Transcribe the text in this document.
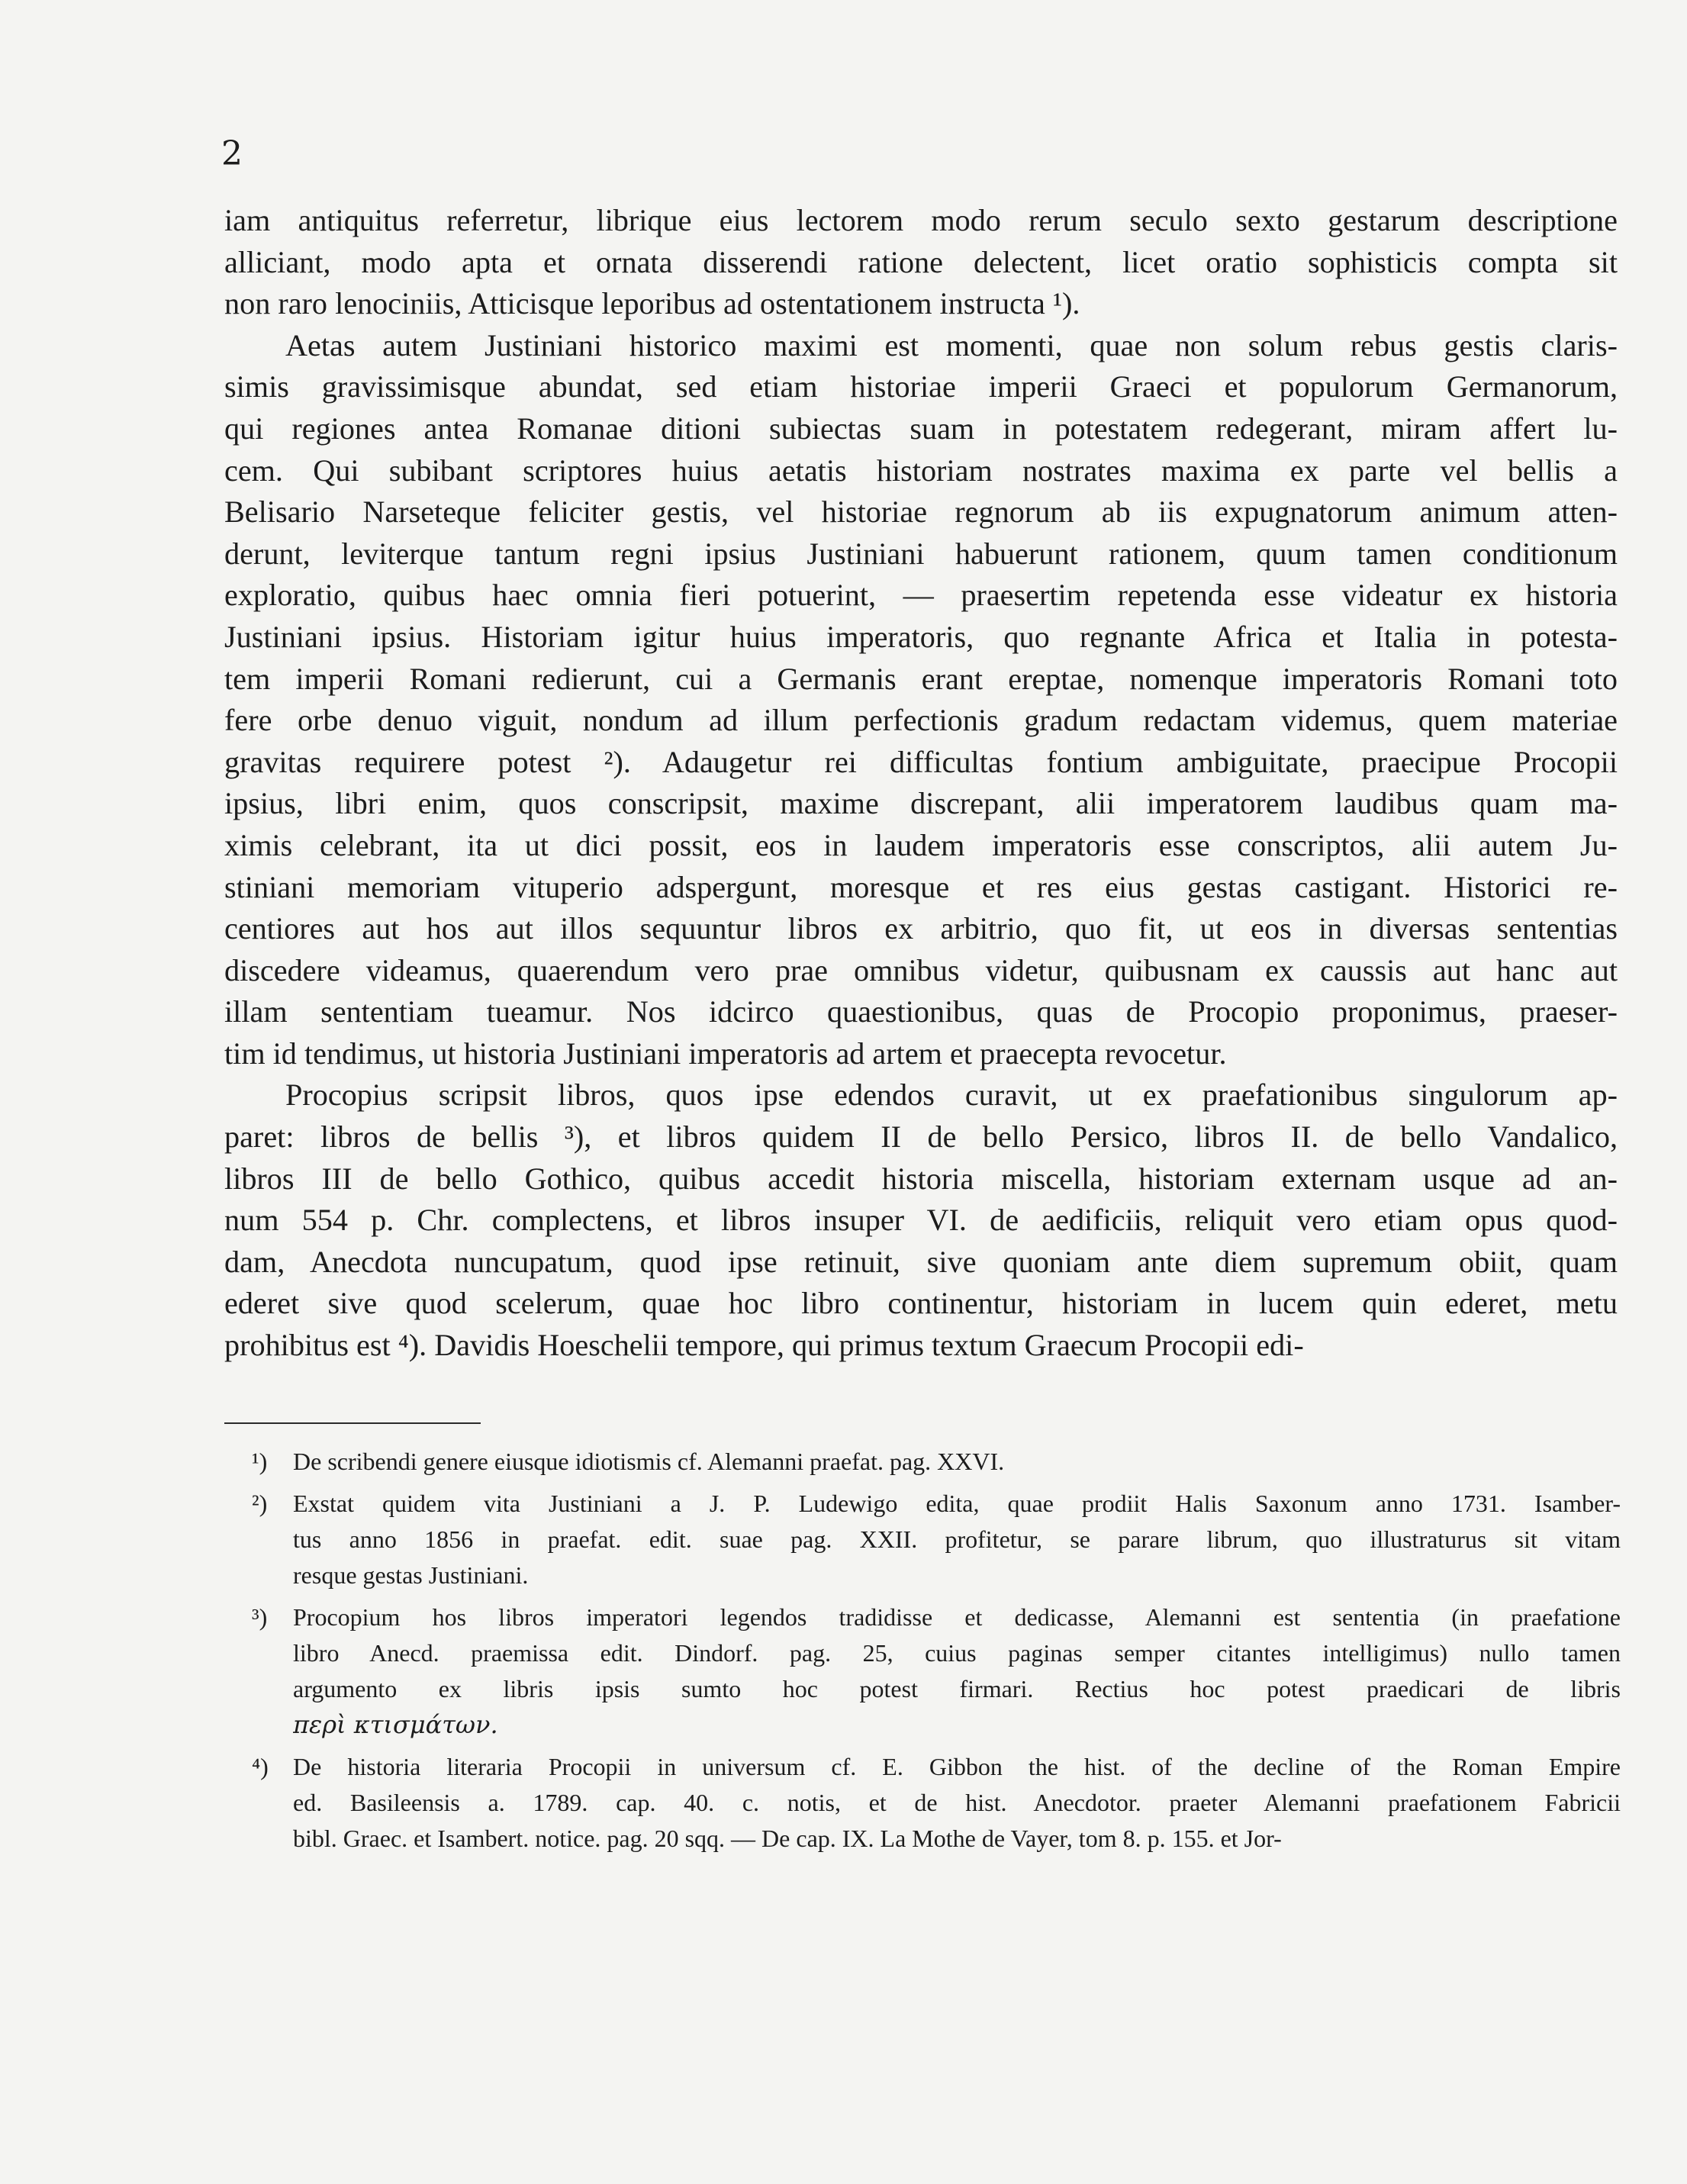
2
iam antiquitus referretur, librique eius lectorem modo rerum seculo sexto gestarum descriptione
alliciant, modo apta et ornata disserendi ratione delectent, licet oratio sophisticis compta sit
non raro lenociniis, Atticisque leporibus ad ostentationem instructa ¹).
Aetas autem Justiniani historico maximi est momenti, quae non solum rebus gestis claris-
simis gravissimisque abundat, sed etiam historiae imperii Graeci et populorum Germanorum,
qui regiones antea Romanae ditioni subiectas suam in potestatem redegerant, miram affert lu-
cem. Qui subibant scriptores huius aetatis historiam nostrates maxima ex parte vel bellis a
Belisario Narseteque feliciter gestis, vel historiae regnorum ab iis expugnatorum animum atten-
derunt, leviterque tantum regni ipsius Justiniani habuerunt rationem, quum tamen conditionum
exploratio, quibus haec omnia fieri potuerint, — praesertim repetenda esse videatur ex historia
Justiniani ipsius. Historiam igitur huius imperatoris, quo regnante Africa et Italia in potesta-
tem imperii Romani redierunt, cui a Germanis erant ereptae, nomenque imperatoris Romani toto
fere orbe denuo viguit, nondum ad illum perfectionis gradum redactam videmus, quem materiae
gravitas requirere potest ²). Adaugetur rei difficultas fontium ambiguitate, praecipue Procopii
ipsius, libri enim, quos conscripsit, maxime discrepant, alii imperatorem laudibus quam ma-
ximis celebrant, ita ut dici possit, eos in laudem imperatoris esse conscriptos, alii autem Ju-
stiniani memoriam vituperio adspergunt, moresque et res eius gestas castigant. Historici re-
centiores aut hos aut illos sequuntur libros ex arbitrio, quo fit, ut eos in diversas sententias
discedere videamus, quaerendum vero prae omnibus videtur, quibusnam ex caussis aut hanc aut
illam sententiam tueamur. Nos idcirco quaestionibus, quas de Procopio proponimus, praeser-
tim id tendimus, ut historia Justiniani imperatoris ad artem et praecepta revocetur.
Procopius scripsit libros, quos ipse edendos curavit, ut ex praefationibus singulorum ap-
paret: libros de bellis ³), et libros quidem II de bello Persico, libros II. de bello Vandalico,
libros III de bello Gothico, quibus accedit historia miscella, historiam externam usque ad an-
num 554 p. Chr. complectens, et libros insuper VI. de aedificiis, reliquit vero etiam opus quod-
dam, Anecdota nuncupatum, quod ipse retinuit, sive quoniam ante diem supremum obiit, quam
ederet sive quod scelerum, quae hoc libro continentur, historiam in lucem quin ederet, metu
prohibitus est ⁴). Davidis Hoeschelii tempore, qui primus textum Graecum Procopii edi-
¹) De scribendi genere eiusque idiotismis cf. Alemanni praefat. pag. XXVI.
²) Exstat quidem vita Justiniani a J. P. Ludewigo edita, quae prodiit Halis Saxonum anno 1731. Isamber-
tus anno 1856 in praefat. edit. suae pag. XXII. profitetur, se parare librum, quo illustraturus sit vitam
resque gestas Justiniani.
³) Procopium hos libros imperatori legendos tradidisse et dedicasse, Alemanni est sententia (in praefatione
libro Anecd. praemissa edit. Dindorf. pag. 25, cuius paginas semper citantes intelligimus) nullo tamen
argumento ex libris ipsis sumto hoc potest firmari. Rectius hoc potest praedicari de libris
περὶ κτισμάτων.
⁴) De historia literaria Procopii in universum cf. E. Gibbon the hist. of the decline of the Roman Empire
ed. Basileensis a. 1789. cap. 40. c. notis, et de hist. Anecdotor. praeter Alemanni praefationem Fabricii
bibl. Graec. et Isambert. notice. pag. 20 sqq. — De cap. IX. La Mothe de Vayer, tom 8. p. 155. et Jor-
